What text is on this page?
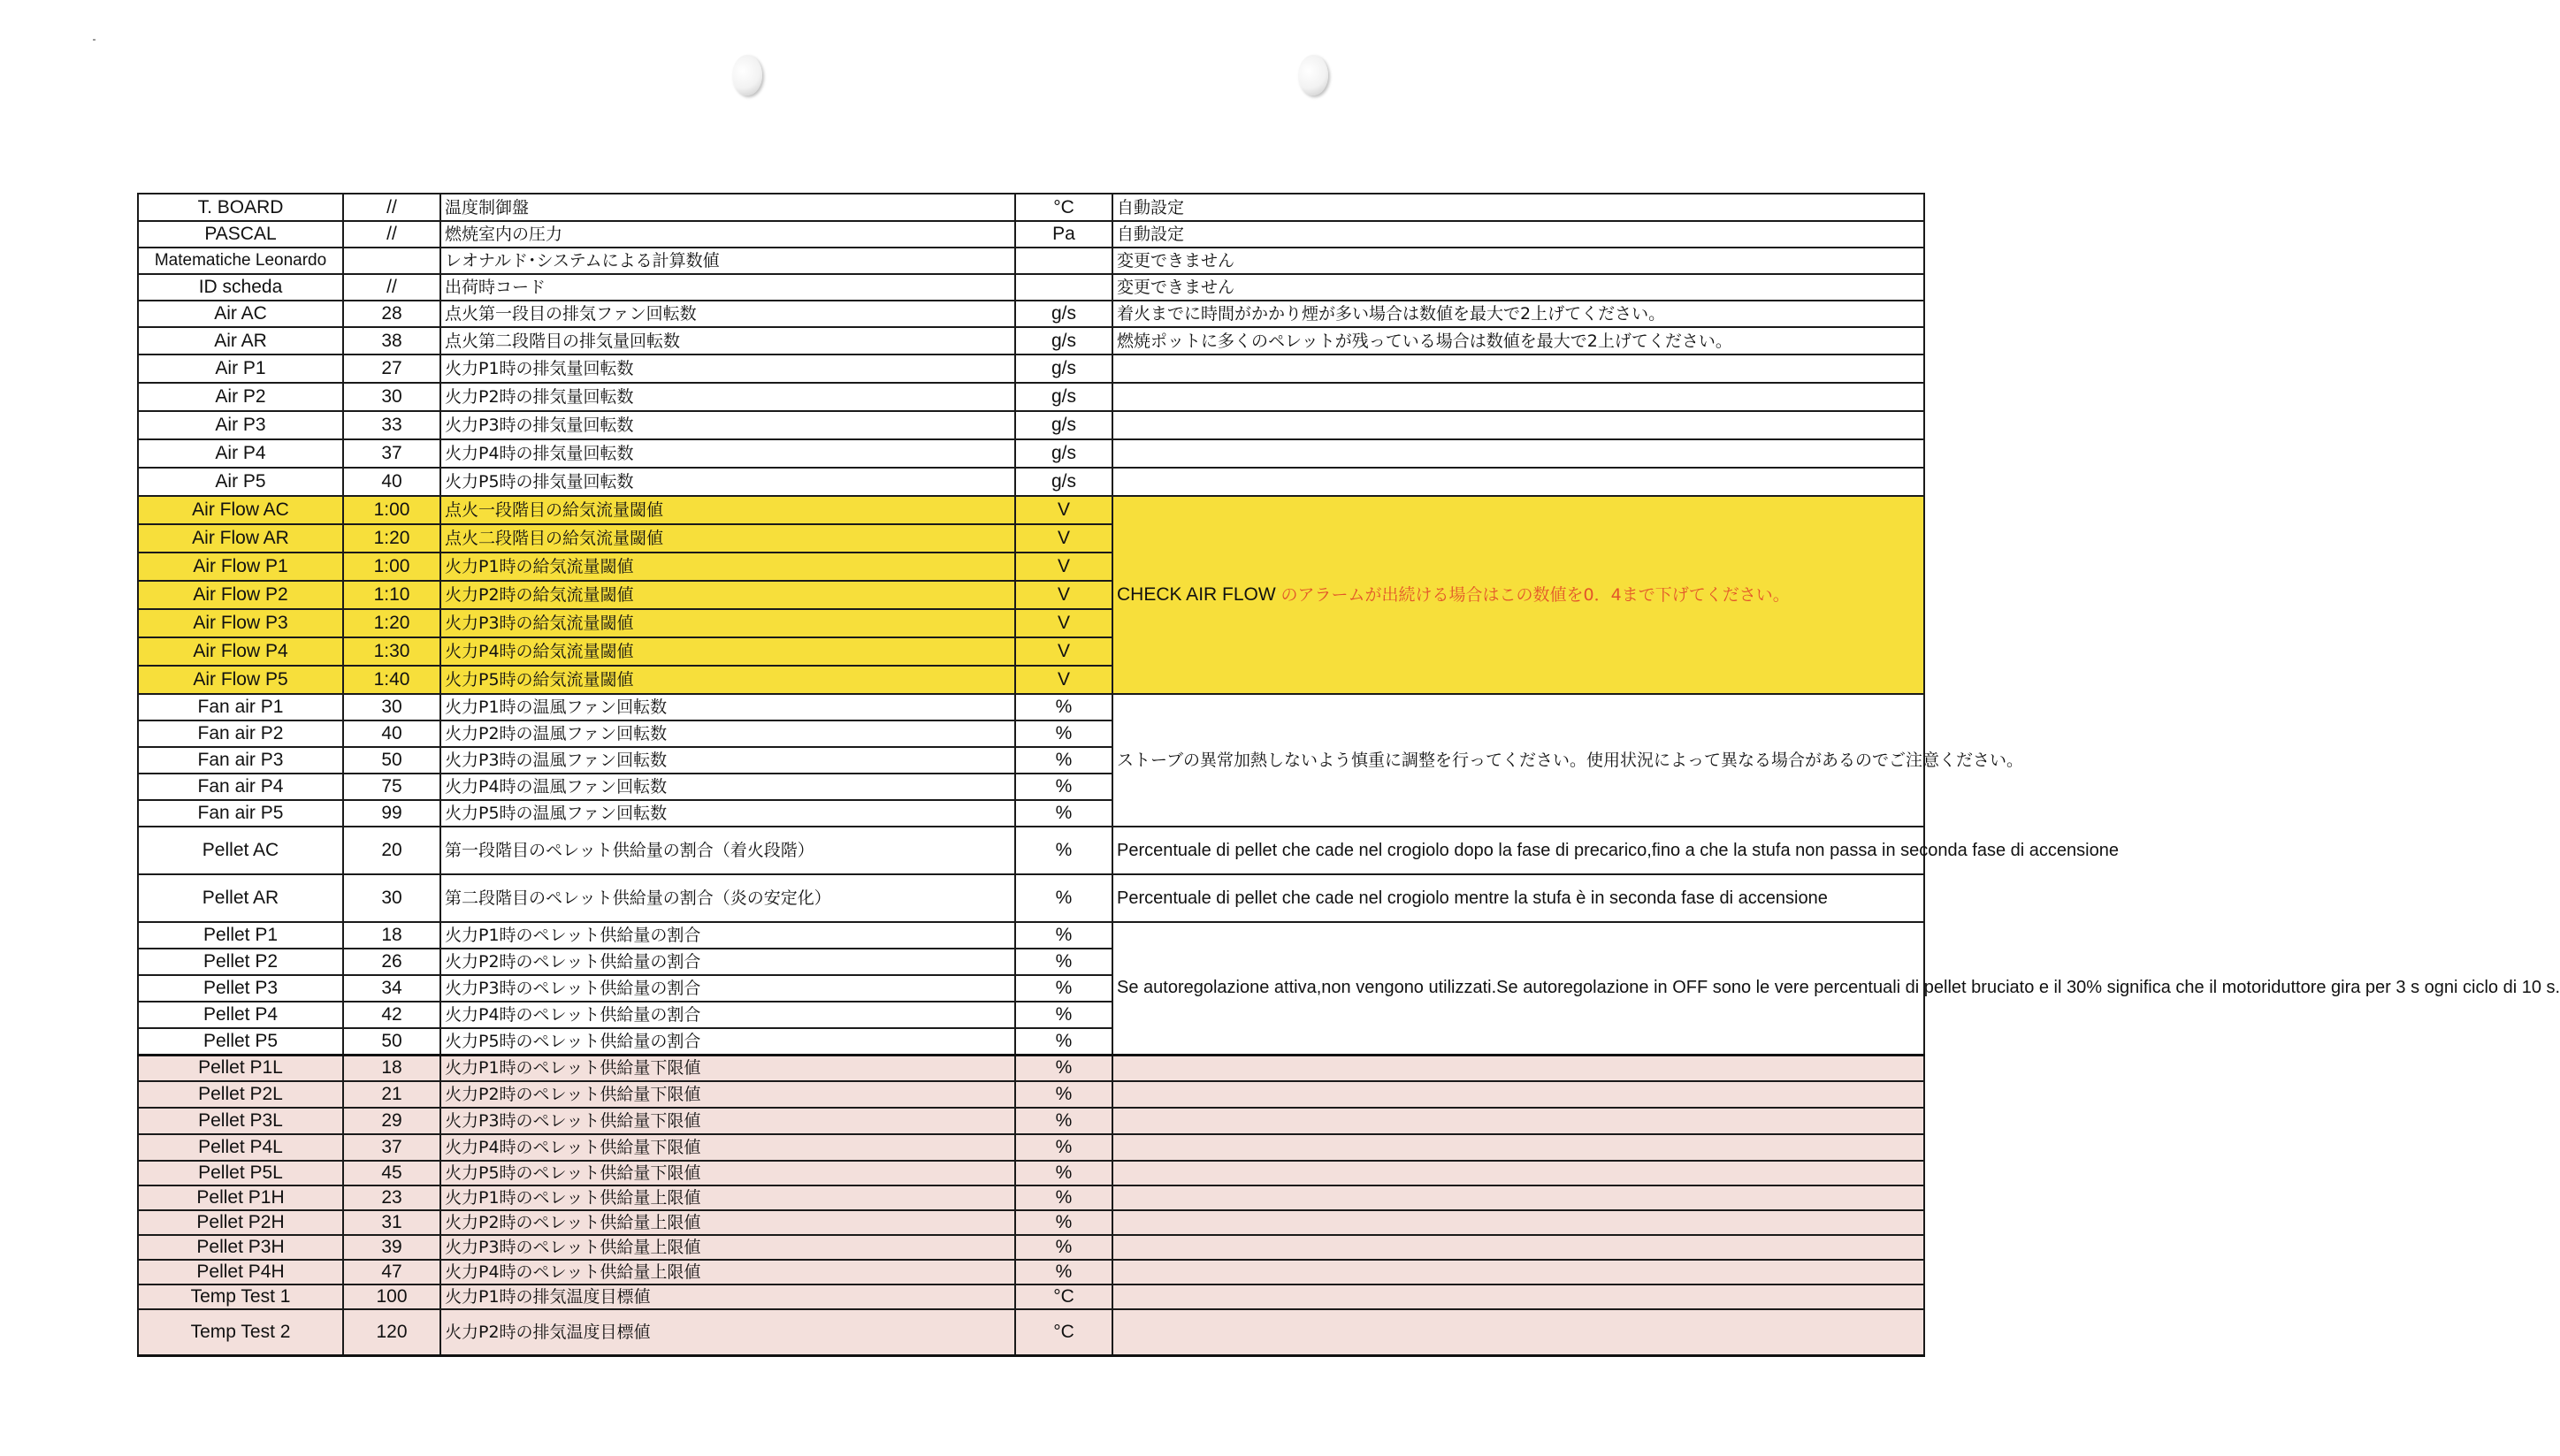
T. BOARD	//	温度制御盤	°C	自動設定
PASCAL	//	燃焼室内の圧力	Pa	自動設定
Matematiche Leonardo		レオナルド･システムによる計算数値		変更できません
ID scheda	//	出荷時コード		変更できません
Air AC	28	点火第一段目の排気ファン回転数	g/s	着火までに時間がかかり煙が多い場合は数値を最大で2上げてください。
Air AR	38	点火第二段階目の排気量回転数	g/s	燃焼ポットに多くのペレットが残っている場合は数値を最大で2上げてください。
Air P1	27	火力P1時の排気量回転数	g/s	
Air P2	30	火力P2時の排気量回転数	g/s	
Air P3	33	火力P3時の排気量回転数	g/s	
Air P4	37	火力P4時の排気量回転数	g/s	
Air P5	40	火力P5時の排気量回転数	g/s	
Air Flow AC	1:00	点火一段階目の給気流量閾値	V	CHECK AIR FLOW のアラームが出続ける場合はこの数値を0．4まで下げてください。
Air Flow AR	1:20	点火二段階目の給気流量閾値	V	
Air Flow P1	1:00	火力P1時の給気流量閾値	V	
Air Flow P2	1:10	火力P2時の給気流量閾値	V	
Air Flow P3	1:20	火力P3時の給気流量閾値	V	
Air Flow P4	1:30	火力P4時の給気流量閾値	V	
Air Flow P5	1:40	火力P5時の給気流量閾値	V	
Fan air P1	30	火力P1時の温風ファン回転数	%	ストーブの異常加熱しないよう慎重に調整を行ってください。使用状況によって異なる場合があるのでご注意ください。
Fan air P2	40	火力P2時の温風ファン回転数	%	
Fan air P3	50	火力P3時の温風ファン回転数	%	
Fan air P4	75	火力P4時の温風ファン回転数	%	
Fan air P5	99	火力P5時の温風ファン回転数	%	
Pellet AC	20	第一段階目のペレット供給量の割合（着火段階）	%	Percentuale di pellet che cade nel crogiolo dopo la fase di precarico,fino a che la stufa non passa in seconda fase di accensione
Pellet AR	30	第二段階目のペレット供給量の割合（炎の安定化）	%	Percentuale di pellet che cade nel crogiolo mentre la stufa è in seconda fase di accensione
Pellet P1	18	火力P1時のペレット供給量の割合	%	Se autoregolazione attiva,non vengono utilizzati.Se autoregolazione in OFF sono le vere percentuali di pellet bruciato e il 30% significa che il motoriduttore gira per 3 s ogni ciclo di 10 s.
Pellet P2	26	火力P2時のペレット供給量の割合	%	
Pellet P3	34	火力P3時のペレット供給量の割合	%	
Pellet P4	42	火力P4時のペレット供給量の割合	%	
Pellet P5	50	火力P5時のペレット供給量の割合	%	
Pellet P1L	18	火力P1時のペレット供給量下限値	%	
Pellet P2L	21	火力P2時のペレット供給量下限値	%	
Pellet P3L	29	火力P3時のペレット供給量下限値	%	
Pellet P4L	37	火力P4時のペレット供給量下限値	%	
Pellet P5L	45	火力P5時のペレット供給量下限値	%	
Pellet P1H	23	火力P1時のペレット供給量上限値	%	
Pellet P2H	31	火力P2時のペレット供給量上限値	%	
Pellet P3H	39	火力P3時のペレット供給量上限値	%	
Pellet P4H	47	火力P4時のペレット供給量上限値	%	
Temp Test 1	100	火力P1時の排気温度目標値	°C	
Temp Test 2	120	火力P2時の排気温度目標値	°C	
